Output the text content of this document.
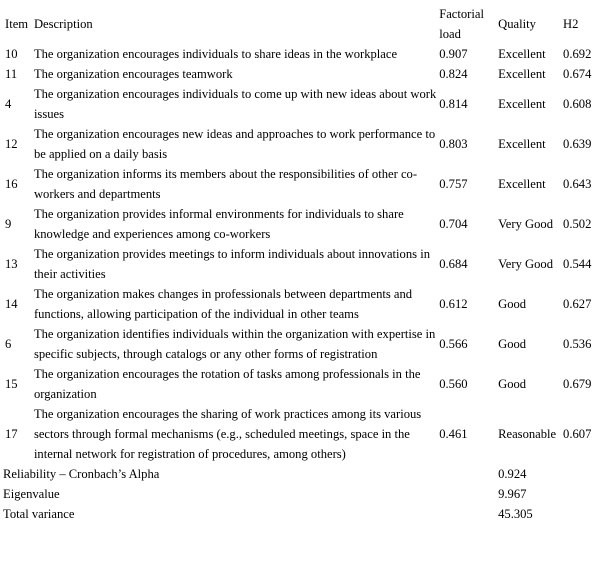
Item	Description	Factorial load	Quality	H2
10	The organization encourages individuals to share ideas in the workplace	0.907	Excellent	0.692
11	The organization encourages teamwork	0.824	Excellent	0.674
4	The organization encourages individuals to come up with new ideas about work issues	0.814	Excellent	0.608
12	The organization encourages new ideas and approaches to work performance to be applied on a daily basis	0.803	Excellent	0.639
16	The organization informs its members about the responsibilities of other co-workers and departments	0.757	Excellent	0.643
9	The organization provides informal environments for individuals to share knowledge and experiences among co-workers	0.704	Very Good	0.502
13	The organization provides meetings to inform individuals about innovations in their activities	0.684	Very Good	0.544
14	The organization makes changes in professionals between departments and functions, allowing participation of the individual in other teams	0.612	Good	0.627
6	The organization identifies individuals within the organization with expertise in specific subjects, through catalogs or any other forms of registration	0.566	Good	0.536
15	The organization encourages the rotation of tasks among professionals in the organization	0.560	Good	0.679
17	The organization encourages the sharing of work practices among its various sectors through formal mechanisms (e.g., scheduled meetings, space in the internal network for registration of procedures, among others)	0.461	Reasonable	0.607
Reliability – Cronbach’s Alpha			0.924	
Eigenvalue			9.967	
Total variance			45.305	
